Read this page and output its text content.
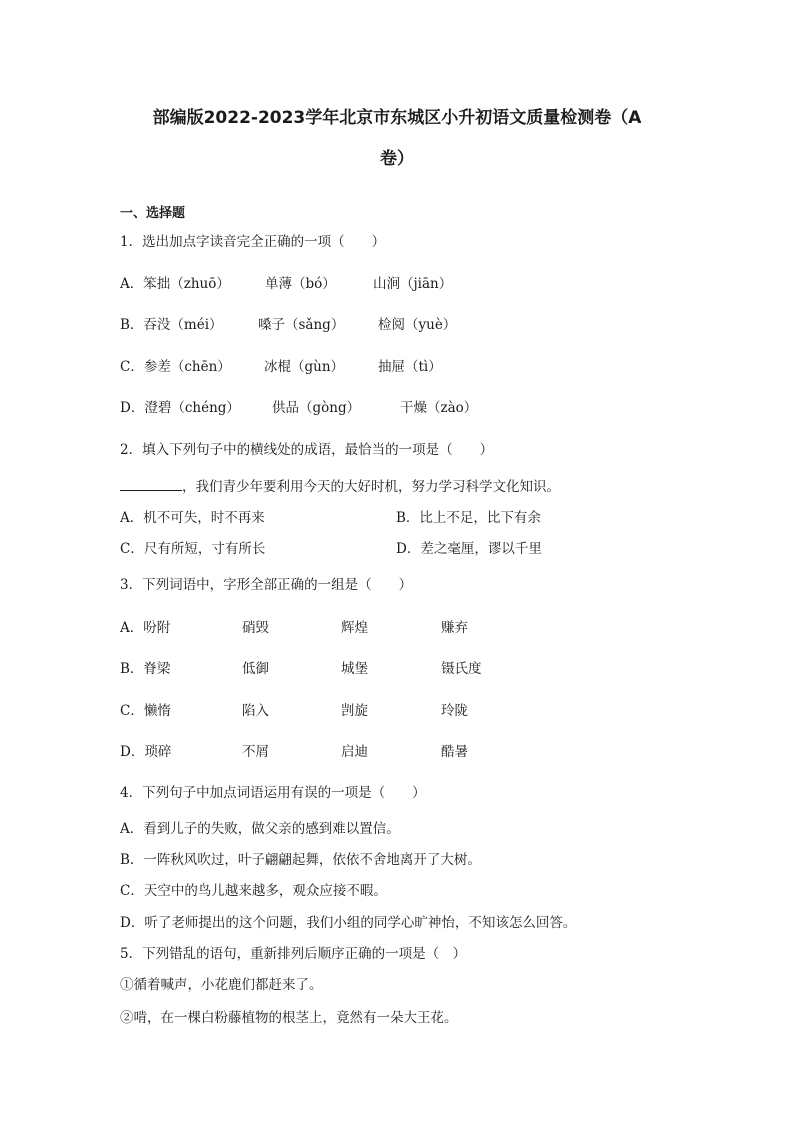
部编版2022-2023学年北京市东城区小升初语文质量检测卷（A
卷）
一、选择题
1．选出加点字读音完全正确的一项（　　）
A．笨拙（zhuō）	单薄（bó）	山涧（jiān）
B．吞没（méi）	嗓子（sǎng） 检阅（yuè）
C．参差（chēn） 冰棍（gùn）	抽屉（tì）
D．澄碧（chéng） 供品（gòng）	干燥（zào）
2．填入下列句子中的横线处的成语，最恰当的一项是（　　）
，我们青少年要利用今天的大好时机，努力学习科学文化知识。
A．机不可失，时不再来	B．比上不足，比下有余
C．尺有所短，寸有所长	D．差之毫厘，谬以千里
3．下列词语中，字形全部正确的一组是（　　）
A．吩附	硝毁	辉煌	赚弃
B．脊梁	低御	城堡	镊氏度
C．懒惰	陷入	剀旋	玲陇
D．琐碎	不屑	启迪	酷暑
4．下列句子中加点词语运用有误的一项是（　　）
A．看到儿子的失败，做父亲的感到难以置信。
B．一阵秋风吹过，叶子翩翩起舞，依依不舍地离开了大树。
C．天空中的鸟儿越来越多，观众应接不暇。
D．听了老师提出的这个问题，我们小组的同学心旷神怡，不知该怎么回答。
5．下列错乱的语句，重新排列后顺序正确的一项是（　）
①循着喊声，小花鹿们都赶来了。
②啃，在一棵白粉藤植物的根茎上，竟然有一朵大王花。
